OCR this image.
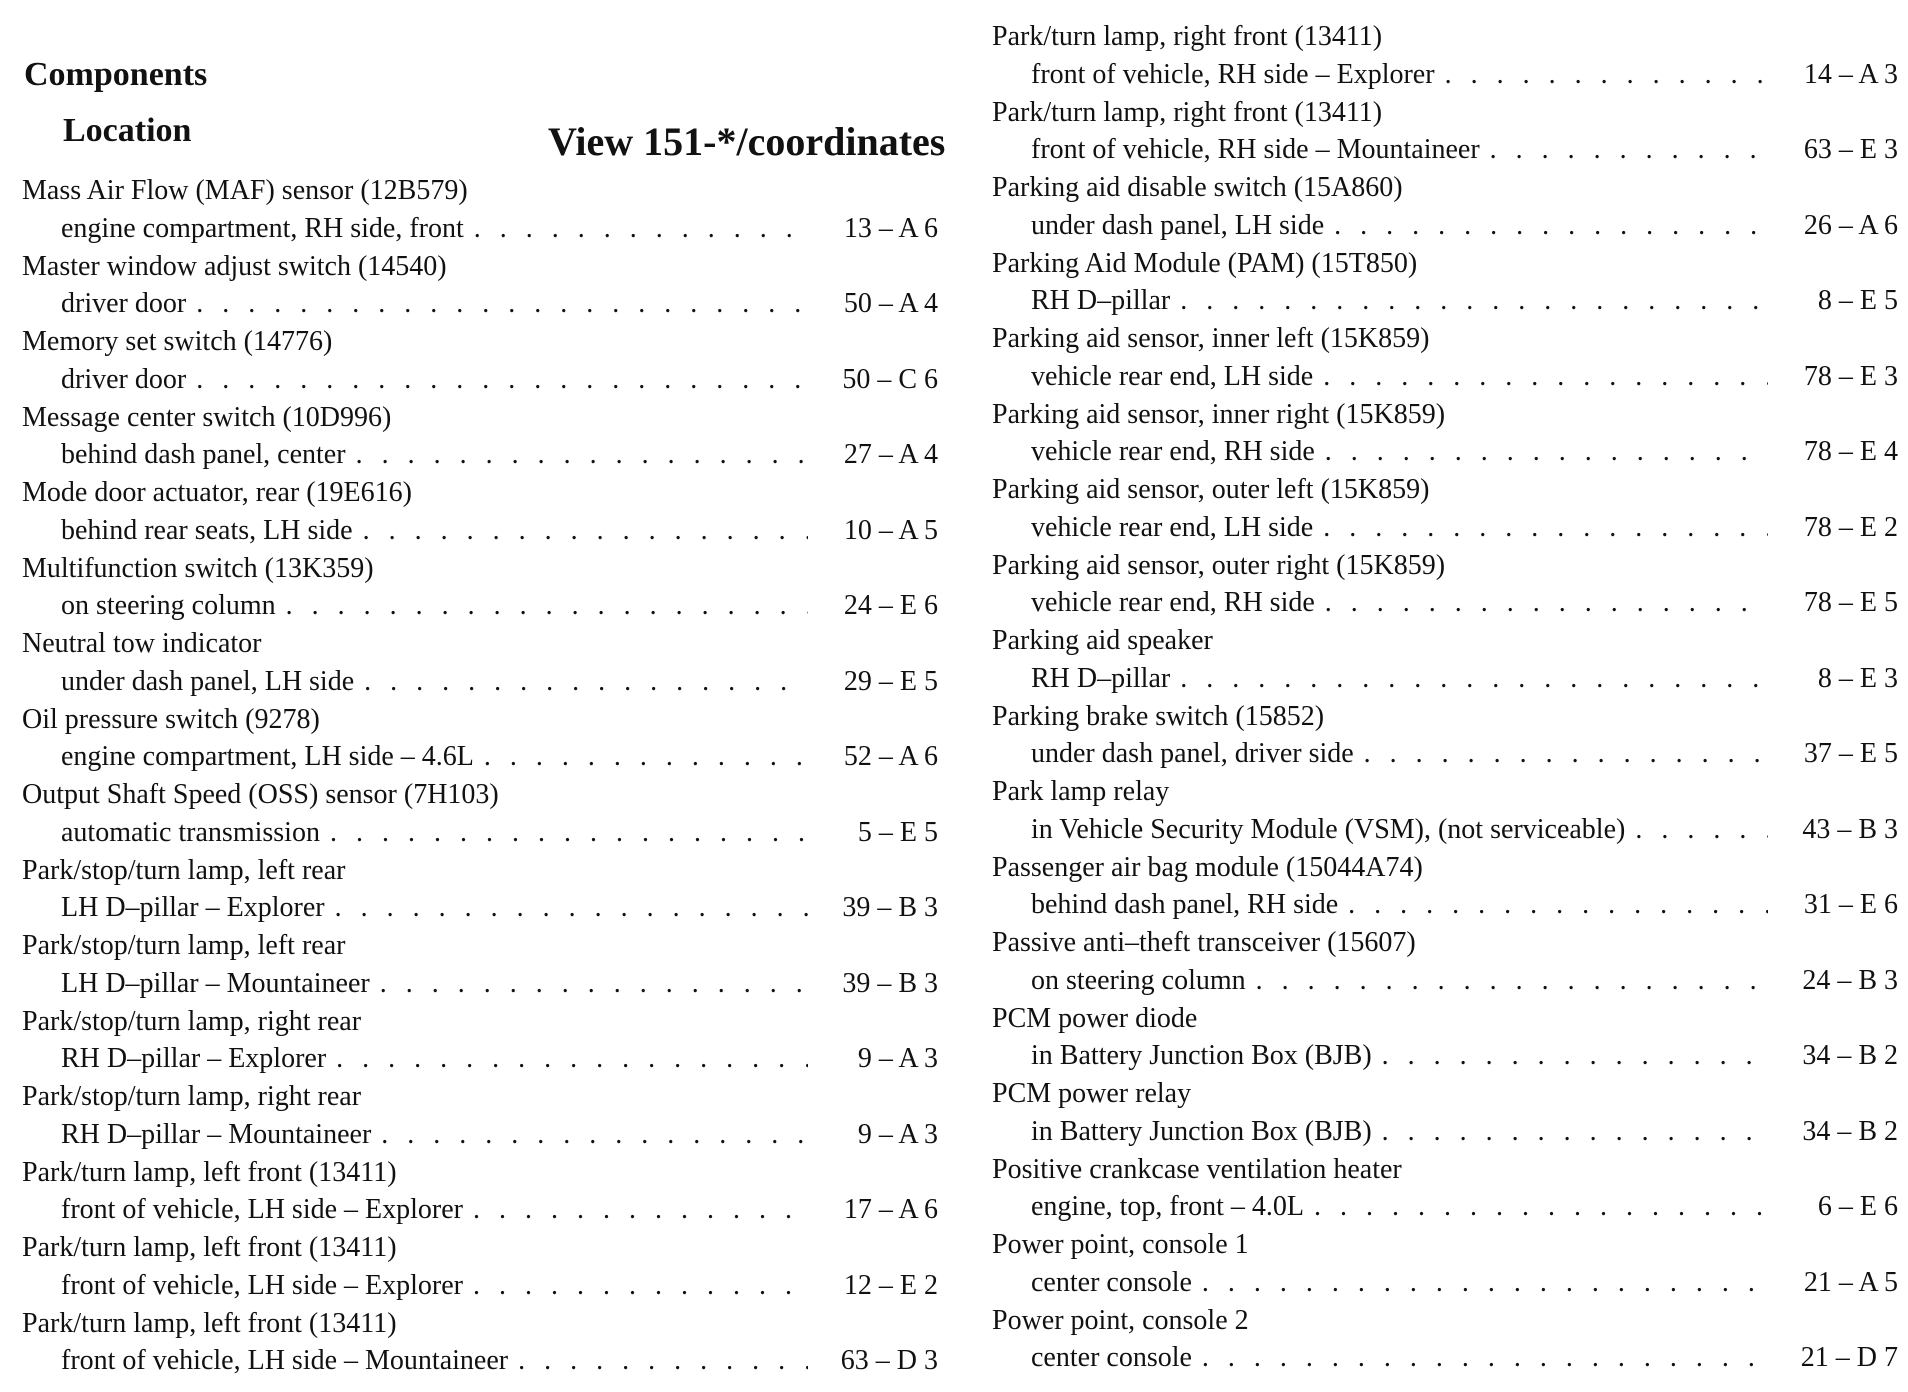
Components
Location	View 151-*/coordinates
Mass Air Flow (MAF) sensor (12B579)
engine compartment, RH side, front . . .	13 – A 6
Master window adjust switch (14540)
driver door . . .	50 – A 4
Memory set switch (14776)
driver door . . .	50 – C 6
Message center switch (10D996)
behind dash panel, center . . .	27 – A 4
Mode door actuator, rear (19E616)
behind rear seats, LH side . . .	10 – A 5
Multifunction switch (13K359)
on steering column . . .	24 – E 6
Neutral tow indicator
under dash panel, LH side . . .	29 – E 5
Oil pressure switch (9278)
engine compartment, LH side – 4.6L . . .	52 – A 6
Output Shaft Speed (OSS) sensor (7H103)
automatic transmission . . .	5 – E 5
Park/stop/turn lamp, left rear
LH D–pillar – Explorer . . .	39 – B 3
Park/stop/turn lamp, left rear
LH D–pillar – Mountaineer . . .	39 – B 3
Park/stop/turn lamp, right rear
RH D–pillar – Explorer . . .	9 – A 3
Park/stop/turn lamp, right rear
RH D–pillar – Mountaineer . . .	9 – A 3
Park/turn lamp, left front (13411)
front of vehicle, LH side – Explorer . . .	17 – A 6
Park/turn lamp, left front (13411)
front of vehicle, LH side – Explorer . . .	12 – E 2
Park/turn lamp, left front (13411)
front of vehicle, LH side – Mountaineer . . .	63 – D 3
Park/turn lamp, right front (13411)
front of vehicle, RH side – Explorer . . .	14 – A 3
Park/turn lamp, right front (13411)
front of vehicle, RH side – Mountaineer . . .	63 – E 3
Parking aid disable switch (15A860)
under dash panel, LH side . . .	26 – A 6
Parking Aid Module (PAM) (15T850)
RH D–pillar . . .	8 – E 5
Parking aid sensor, inner left (15K859)
vehicle rear end, LH side . . .	78 – E 3
Parking aid sensor, inner right (15K859)
vehicle rear end, RH side . . .	78 – E 4
Parking aid sensor, outer left (15K859)
vehicle rear end, LH side . . .	78 – E 2
Parking aid sensor, outer right (15K859)
vehicle rear end, RH side . . .	78 – E 5
Parking aid speaker
RH D–pillar . . .	8 – E 3
Parking brake switch (15852)
under dash panel, driver side . . .	37 – E 5
Park lamp relay
in Vehicle Security Module (VSM), (not serviceable) . . .	43 – B 3
Passenger air bag module (15044A74)
behind dash panel, RH side . . .	31 – E 6
Passive anti–theft transceiver (15607)
on steering column . . .	24 – B 3
PCM power diode
in Battery Junction Box (BJB) . . .	34 – B 2
PCM power relay
in Battery Junction Box (BJB) . . .	34 – B 2
Positive crankcase ventilation heater
engine, top, front – 4.0L . . .	6 – E 6
Power point, console 1
center console . . .	21 – A 5
Power point, console 2
center console . . .	21 – D 7
